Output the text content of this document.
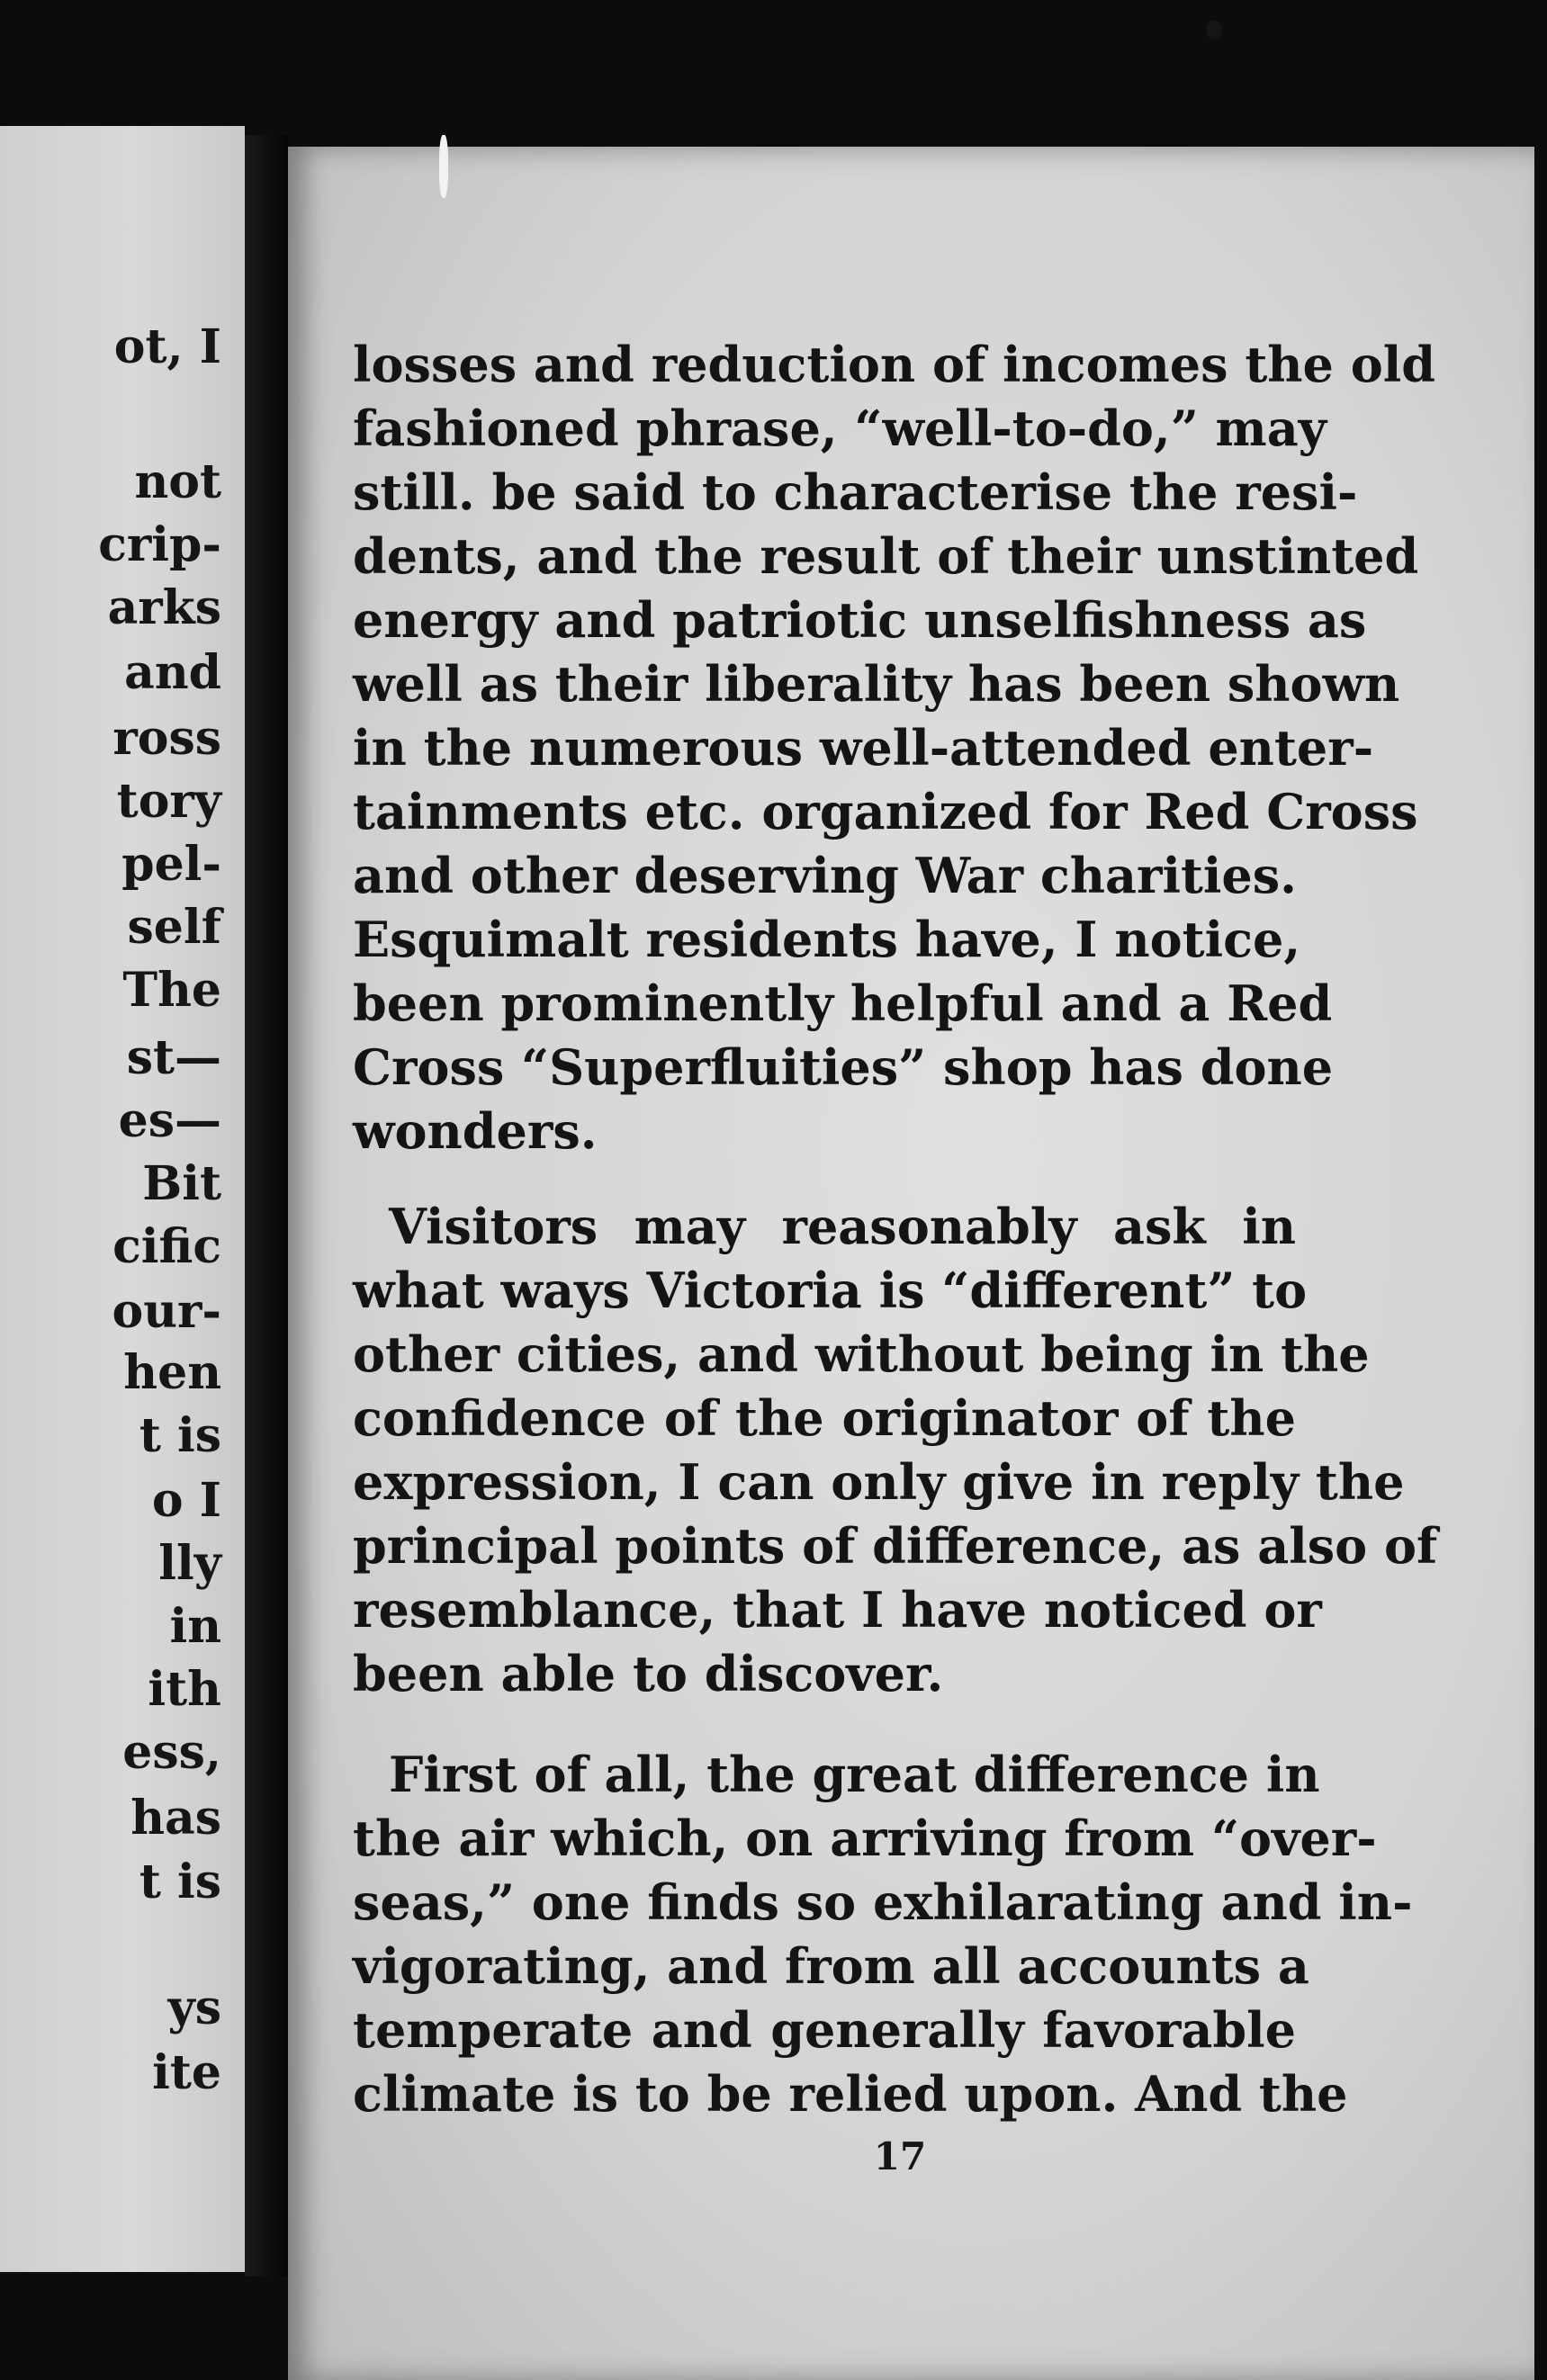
ot, I
not
crip-
arks
and
ross
tory
pel-
self
The
st—
es—
Bit
cific
our-
hen
t is
o I
lly
in
ith
ess,
has
t is
ys
ite
losses and reduction of incomes the old
fashioned phrase, “well-to-do,” may
still. be said to characterise the resi-
dents, and the result of their unstinted
energy and patriotic unselfishness as
well as their liberality has been shown
in the numerous well-attended enter-
tainments etc. organized for Red Cross
and other deserving War charities.
Esquimalt residents have, I notice,
been prominently helpful and a Red
Cross “Superfluities” shop has done
wonders.
Visitors may reasonably ask in
what ways Victoria is “different” to
other cities, and without being in the
confidence of the originator of the
expression, I can only give in reply the
principal points of difference, as also of
resemblance, that I have noticed or
been able to discover.
First of all, the great difference in
the air which, on arriving from “over-
seas,” one finds so exhilarating and in-
vigorating, and from all accounts a
temperate and generally favorable
climate is to be relied upon. And the
17
